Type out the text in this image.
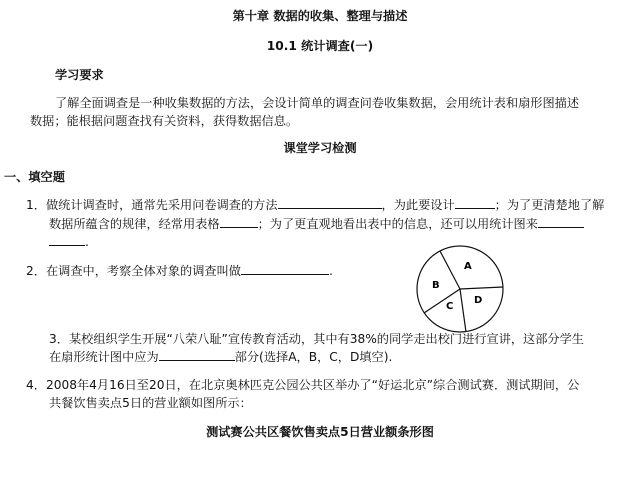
第十章 数据的收集、整理与描述
10.1 统计调查(一)
学习要求
了解全面调查是一种收集数据的方法，会设计简单的调查问卷收集数据，会用统计表和扇形图描述
数据；能根据问题查找有关资料，获得数据信息。
课堂学习检测
一、填空题
1．做统计调查时，通常先采用问卷调查的方法	，为此要设计	；为了更清楚地了解
数据所蕴含的规律，经常用表格	；为了更直观地看出表中的信息，还可以用统计图来
.
2．在调查中，考察全体对象的调查叫做	.	A
B
C
D
3．某校组织学生开展“八荣八耻”宣传教育活动，其中有38%的同学走出校门进行宣讲，这部分学生
在扇形统计图中应为	部分(选择A，B，C，D填空).
4．2008年4月16日至20日，在北京奥林匹克公园公共区举办了“好运北京”综合测试赛．测试期间，公
共餐饮售卖点5日的营业额如图所示：
测试赛公共区餐饮售卖点5日营业额条形图
